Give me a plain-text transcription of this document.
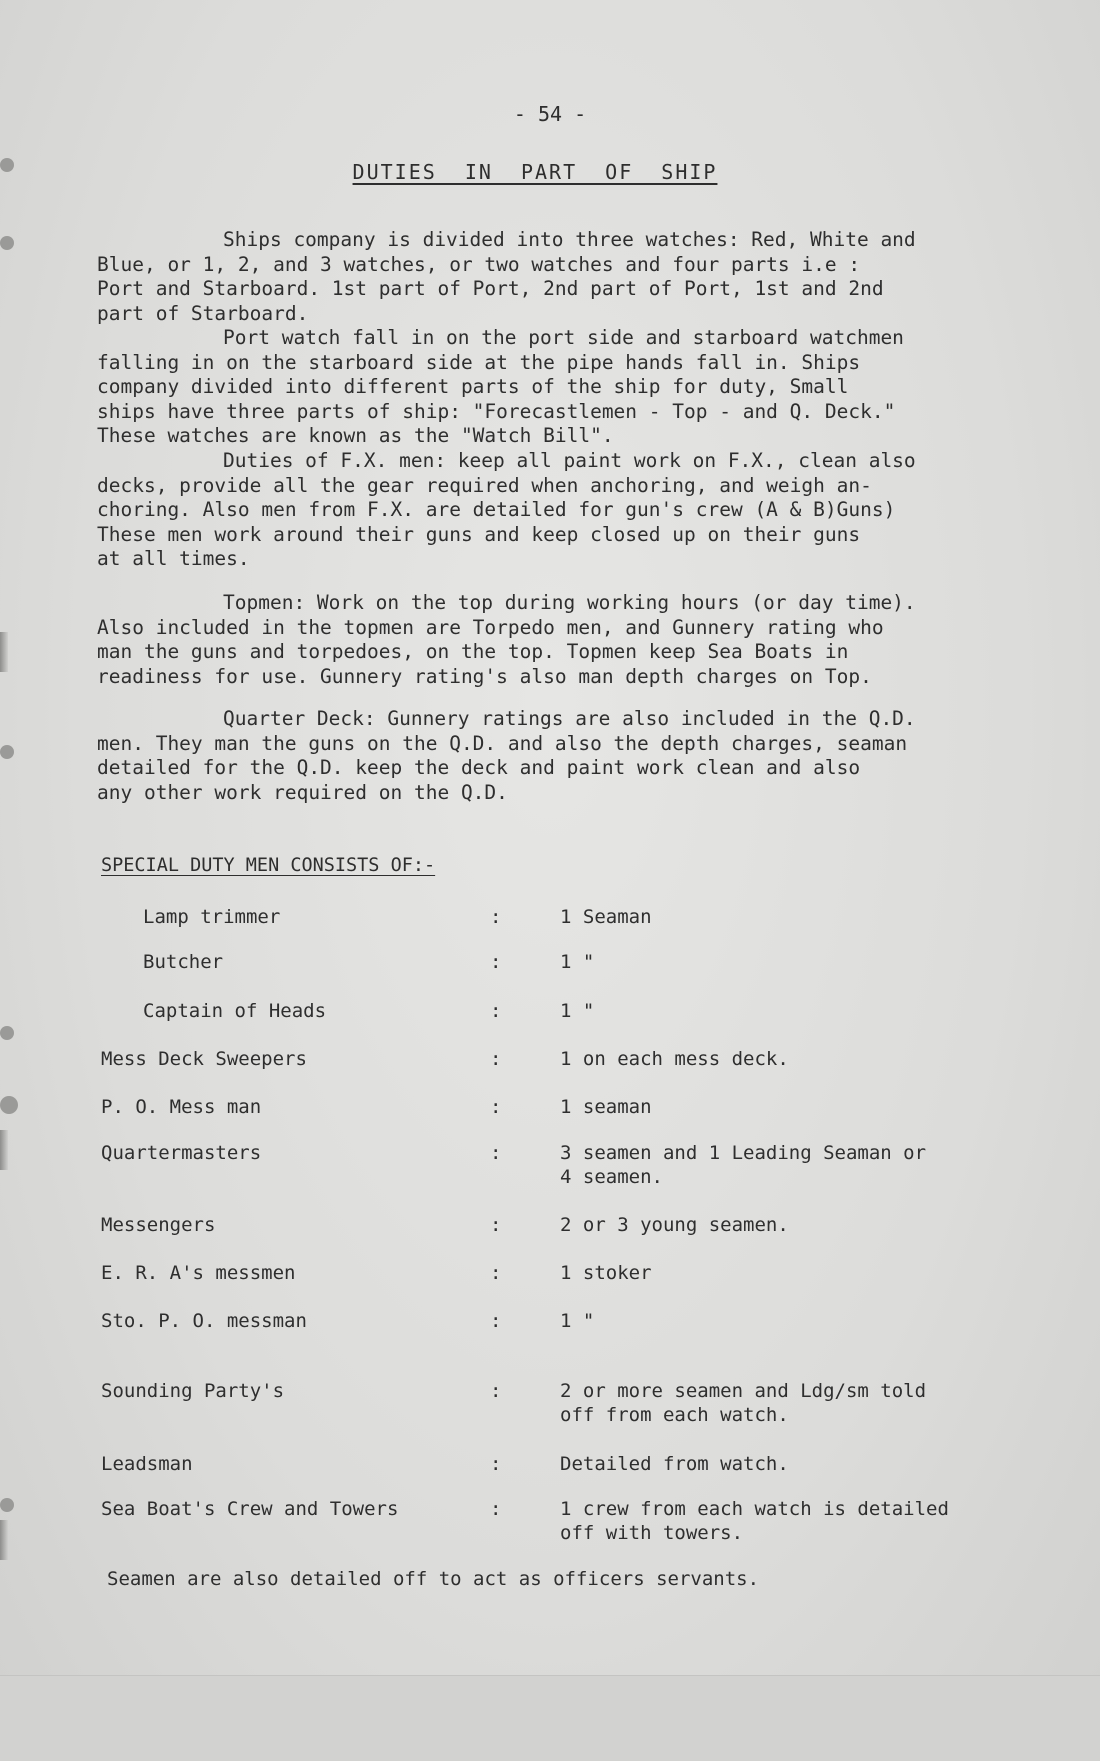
- 54 -
DUTIES IN PART OF SHIP

Ships company is divided into three watches: Red, White and
Blue, or 1, 2, and 3 watches, or two watches and four parts i.e :
Port and Starboard. 1st part of Port, 2nd part of Port, 1st and 2nd
part of Starboard.

Port watch fall in on the port side and starboard watchmen
falling in on the starboard side at the pipe hands fall in. Ships
company divided into different parts of the ship for duty, Small
ships have three parts of ship: "Forecastlemen - Top - and Q. Deck."
These watches are known as the "Watch Bill".

Duties of F.X. men: keep all paint work on F.X., clean also
decks, provide all the gear required when anchoring, and weigh an-
choring. Also men from F.X. are detailed for gun's crew (A & B)Guns)
These men work around their guns and keep closed up on their guns
at all times.

Topmen: Work on the top during working hours (or day time).
Also included in the topmen are Torpedo men, and Gunnery rating who
man the guns and torpedoes, on the top. Topmen keep Sea Boats in
readiness for use. Gunnery rating's also man depth charges on Top.

Quarter Deck: Gunnery ratings are also included in the Q.D.
men. They man the guns on the Q.D. and also the depth charges, seaman
detailed for the Q.D. keep the deck and paint work clean and also
any other work required on the Q.D.

SPECIAL DUTY MEN CONSISTS OF:-
Lamp trimmer	:	1 Seaman
Butcher	:	1 "
Captain of Heads	:	1 "
Mess Deck Sweepers	:	1 on each mess deck.
P. O. Mess man	:	1 seaman
Quartermasters	:	3 seamen and 1 Leading Seaman or
4 seamen.
Messengers	:	2 or 3 young seamen.
E. R. A's messmen	:	1 stoker
Sto. P. O. messman	:	1 "
Sounding Party's	:	2 or more seamen and Ldg/sm told
off from each watch.
Leadsman	:	Detailed from watch.
Sea Boat's Crew and Towers	:	1 crew from each watch is detailed
off with towers.
Seamen are also detailed off to act as officers servants.
